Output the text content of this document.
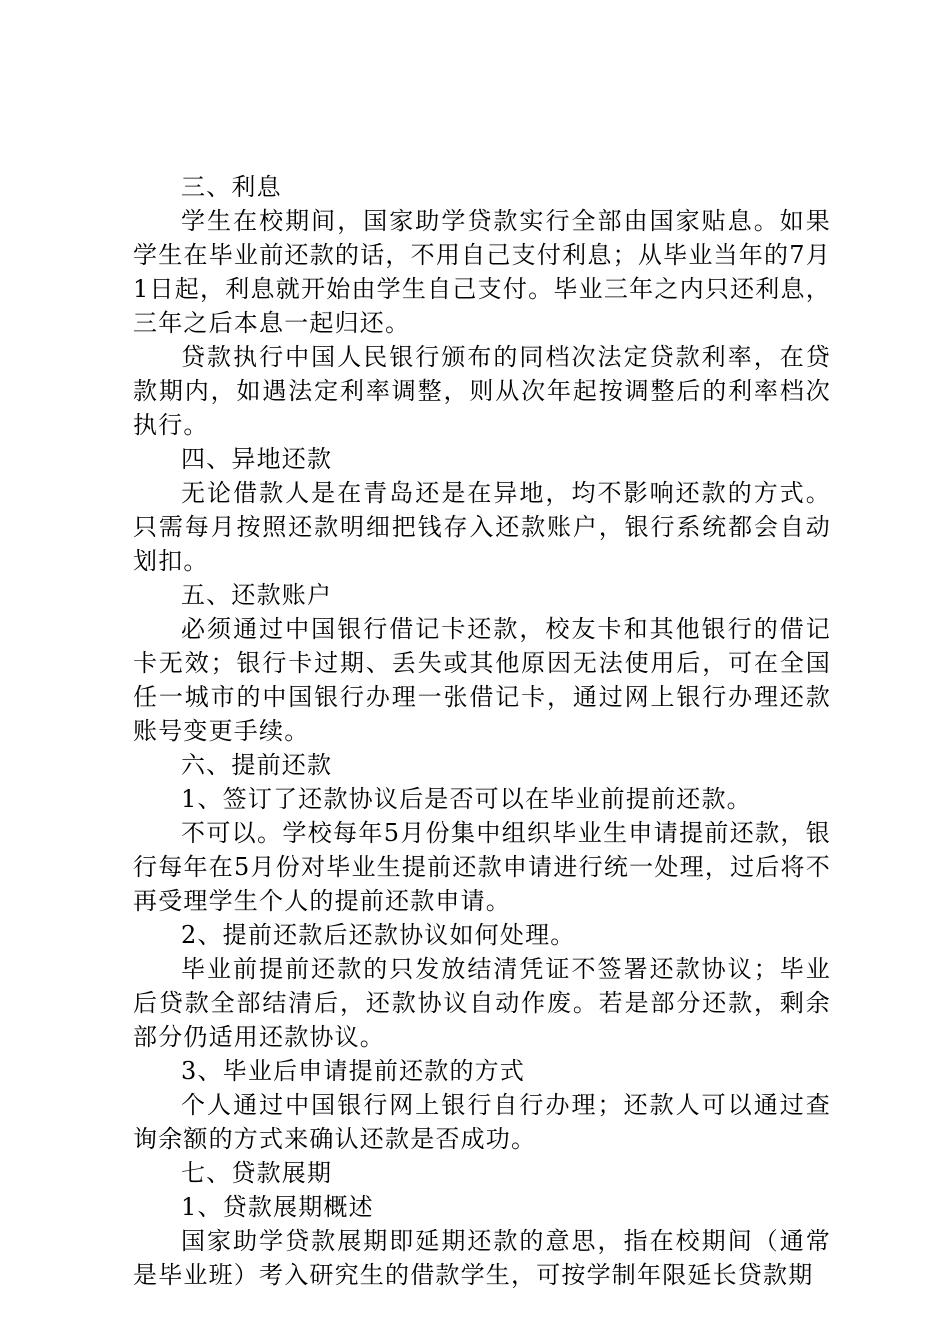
三、利息

学生在校期间，国家助学贷款实行全部由国家贴息。如果学生在毕业前还款的话，不用自己支付利息；从毕业当年的7月1日起，利息就开始由学生自己支付。毕业三年之内只还利息，三年之后本息一起归还。

贷款执行中国人民银行颁布的同档次法定贷款利率，在贷款期内，如遇法定利率调整，则从次年起按调整后的利率档次执行。

四、异地还款

无论借款人是在青岛还是在异地，均不影响还款的方式。只需每月按照还款明细把钱存入还款账户，银行系统都会自动划扣。

五、还款账户

必须通过中国银行借记卡还款，校友卡和其他银行的借记卡无效；银行卡过期、丢失或其他原因无法使用后，可在全国任一城市的中国银行办理一张借记卡，通过网上银行办理还款账号变更手续。

六、提前还款

1、签订了还款协议后是否可以在毕业前提前还款。

不可以。学校每年5月份集中组织毕业生申请提前还款，银行每年在5月份对毕业生提前还款申请进行统一处理，过后将不再受理学生个人的提前还款申请。

2、提前还款后还款协议如何处理。

毕业前提前还款的只发放结清凭证不签署还款协议；毕业后贷款全部结清后，还款协议自动作废。若是部分还款，剩余部分仍适用还款协议。

3、毕业后申请提前还款的方式

个人通过中国银行网上银行自行办理；还款人可以通过查询余额的方式来确认还款是否成功。

七、贷款展期

1、贷款展期概述

国家助学贷款展期即延期还款的意思，指在校期间（通常是毕业班）考入研究生的借款学生，可按学制年限延长贷款期
